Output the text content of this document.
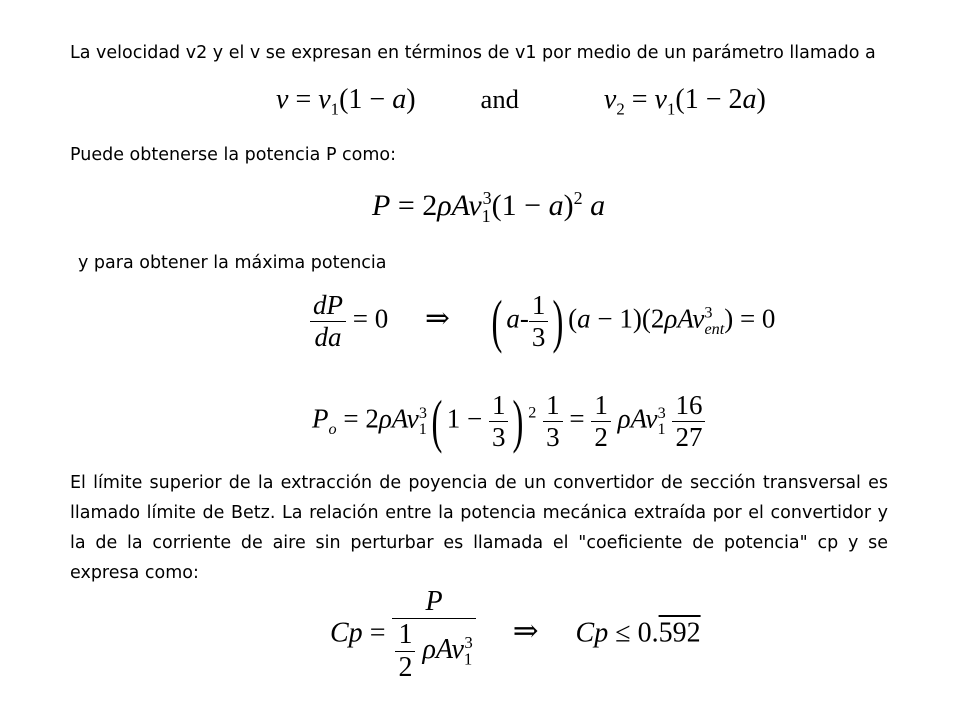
La velocidad v2 y el v se expresan en términos de v1 por medio de un parámetro llamado a
$v = v_1(1 - a)$ and	$v_2 = v_1(1 - 2a)$
Puede obtenerse la potencia P como:
$P = 2\rho Av_1^3(1 - a)^2$ a
y para obtener la máxima potencia
$\frac{dP}{da} = 0$ ⇒ ( $a- \frac{1}{3}$ ) (a − 1)(2ρAv$^3_{ent}$) = 0
$P_o = 2\rho Av_1^3$( $1 - \frac{1}{3}$ ) $^2 \frac{1}{3} = \frac{1}{2} \rho Av_1^3 \frac{16}{27}$
El límite superior de la extracción de poyencia de un convertidor de sección transversal es llamado límite de Betz. La relación entre la potencia mecánica extraída por el convertidor y la de la corriente de aire sin perturbar es llamada el "coeficiente de potencia" cp y se expresa como:
$Cp = \frac{P}{\frac{1}{2} \rho Av_1^3}$ ⇒ Cp ≤ 0.592
